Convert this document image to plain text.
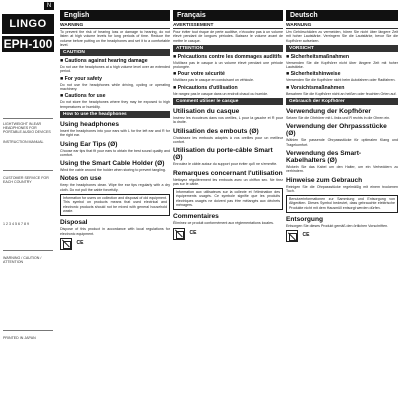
N
LINGO
EPH-100
LIGHTWEIGHT IN-EAR HEADPHONES FOR PORTABLE AUDIO DEVICES
INSTRUCTION MANUAL
CUSTOMER SERVICE FOR EACH COUNTRY
1 2 3 4 5 6 7 8 9
WARNING / CAUTION / ATTENTION
PRINTED IN JAPAN
English
WARNING
To prevent the risk of hearing loss or damage to hearing, do not listen at high volume levels for long periods of time. Reduce the volume before putting on the headphones and set it to a comfortable level.
CAUTION
■ Cautions against hearing damage
Do not use the headphones at a high volume level over an extended period.
■ For your safety
Do not use the headphones while driving, cycling or operating machinery.
■ Cautions for use
Do not store the headphones where they may be exposed to high temperatures or humidity.
How to use the headphones
Using headphones
Insert the headphones into your ears with L for the left ear and R for the right ear.
Using Ear Tips (Ø)
Choose ear tips that fit your ears to obtain the best sound quality and comfort.
Using the Smart Cable Holder (Ø)
Wind the cable around the holder when storing to prevent tangling.
Notes on use
Keep the headphones clean. Wipe the ear tips regularly with a dry cloth. Do not pull the cable forcefully.
Information for users on collection and disposal of old equipment. This symbol on products means that used electrical and electronic products should not be mixed with general household waste.
Disposal
Dispose of this product in accordance with local regulations for electronic equipment.
CE
Français
AVERTISSEMENT
Pour éviter tout risque de perte auditive, n'écoutez pas à un volume élevé pendant de longues périodes. Baissez le volume avant de mettre le casque.
ATTENTION
■ Précautions contre les dommages auditifs
N'utilisez pas le casque à un volume élevé pendant une période prolongée.
■ Pour votre sécurité
N'utilisez pas le casque en conduisant un véhicule.
■ Précautions d'utilisation
Ne rangez pas le casque dans un endroit chaud ou humide.
Comment utiliser le casque
Utilisation du casque
Insérez les écouteurs dans vos oreilles, L pour la gauche et R pour la droite.
Utilisation des embouts (Ø)
Choisissez les embouts adaptés à vos oreilles pour un meilleur confort.
Utilisation du porte-câble Smart (Ø)
Enroulez le câble autour du support pour éviter qu'il ne s'emmêle.
Remarques concernant l'utilisation
Nettoyez régulièrement les embouts avec un chiffon sec. Ne tirez pas sur le câble.
Information aux utilisateurs sur la collecte et l'élimination des équipements usagés. Ce symbole signifie que les produits électriques usagés ne doivent pas être mélangés aux déchets ménagers.
Commentaires
Éliminez ce produit conformément aux réglementations locales.
CE
Deutsch
WARNUNG
Um Gehörschäden zu vermeiden, hören Sie nicht über längere Zeit mit hoher Lautstärke. Verringern Sie die Lautstärke, bevor Sie die Kopfhörer aufsetzen.
VORSICHT
■ Sicherheitsmaßnahmen
Verwenden Sie die Kopfhörer nicht über längere Zeit mit hoher Lautstärke.
■ Sicherheitshinweise
Verwenden Sie die Kopfhörer nicht beim Autofahren oder Radfahren.
■ Vorsichtsmaßnahmen
Bewahren Sie die Kopfhörer nicht an heißen oder feuchten Orten auf.
Gebrauch der Kopfhörer
Verwendung der Kopfhörer
Setzen Sie die Ohrhörer mit L links und R rechts in die Ohren ein.
Verwendung der Ohrpassstücke (Ø)
Wählen Sie passende Ohrpassstücke für optimalen Klang und Tragekomfort.
Verwendung des Smart-Kabelhalters (Ø)
Wickeln Sie das Kabel um den Halter, um ein Verheddern zu verhindern.
Hinweise zum Gebrauch
Reinigen Sie die Ohrpassstücke regelmäßig mit einem trockenen Tuch.
Benutzerinformationen zur Sammlung und Entsorgung von Altgeräten. Dieses Symbol bedeutet, dass gebrauchte elektrische Produkte nicht mit dem Hausmüll entsorgt werden dürfen.
Entsorgung
Entsorgen Sie dieses Produkt gemäß den örtlichen Vorschriften.
CE
